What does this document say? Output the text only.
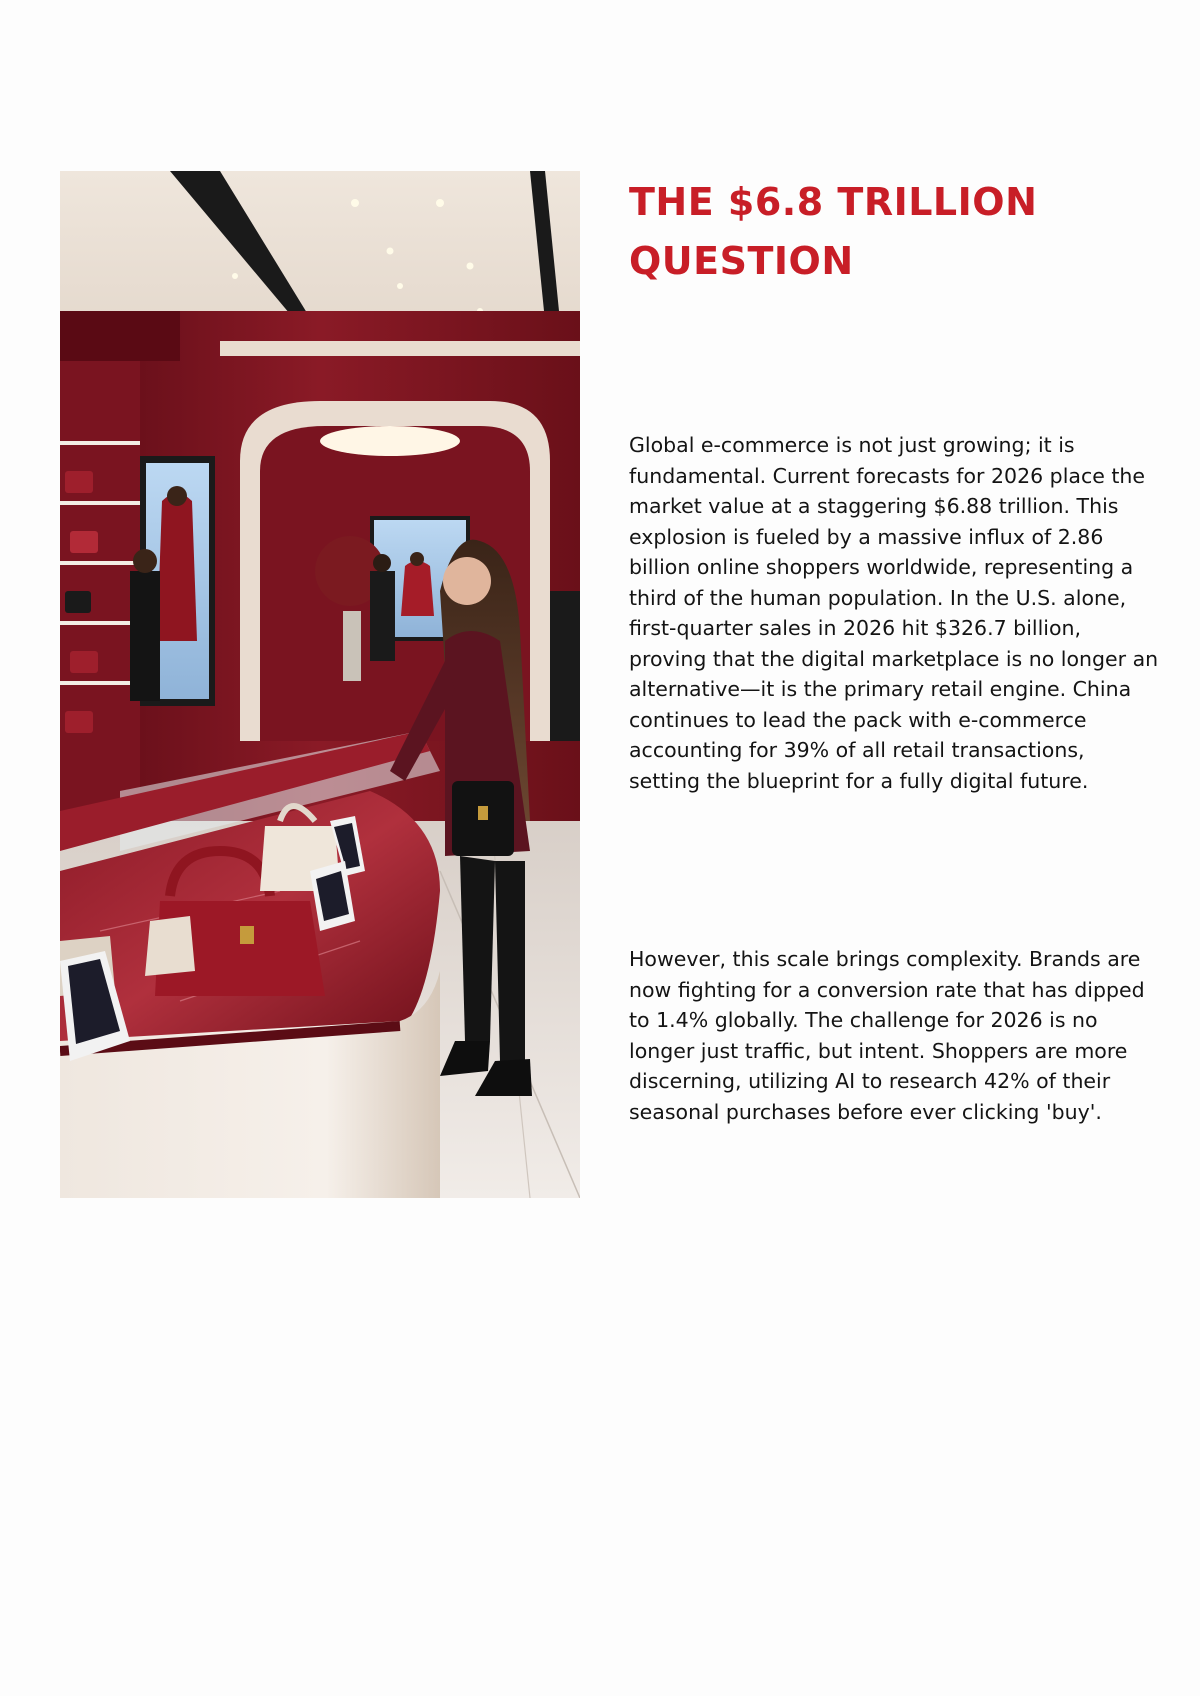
THE $6.8 TRILLION QUESTION

Global e-commerce is not just growing; it is fundamental. Current forecasts for 2026 place the market value at a staggering $6.88 trillion. This explosion is fueled by a massive influx of 2.86 billion online shoppers worldwide, representing a third of the human population. In the U.S. alone, first-quarter sales in 2026 hit $326.7 billion, proving that the digital marketplace is no longer an alternative—it is the primary retail engine. China continues to lead the pack with e-commerce accounting for 39% of all retail transactions, setting the blueprint for a fully digital future.

However, this scale brings complexity. Brands are now fighting for a conversion rate that has dipped to 1.4% globally. The challenge for 2026 is no longer just traffic, but intent. Shoppers are more discerning, utilizing AI to research 42% of their seasonal purchases before ever clicking 'buy'.
